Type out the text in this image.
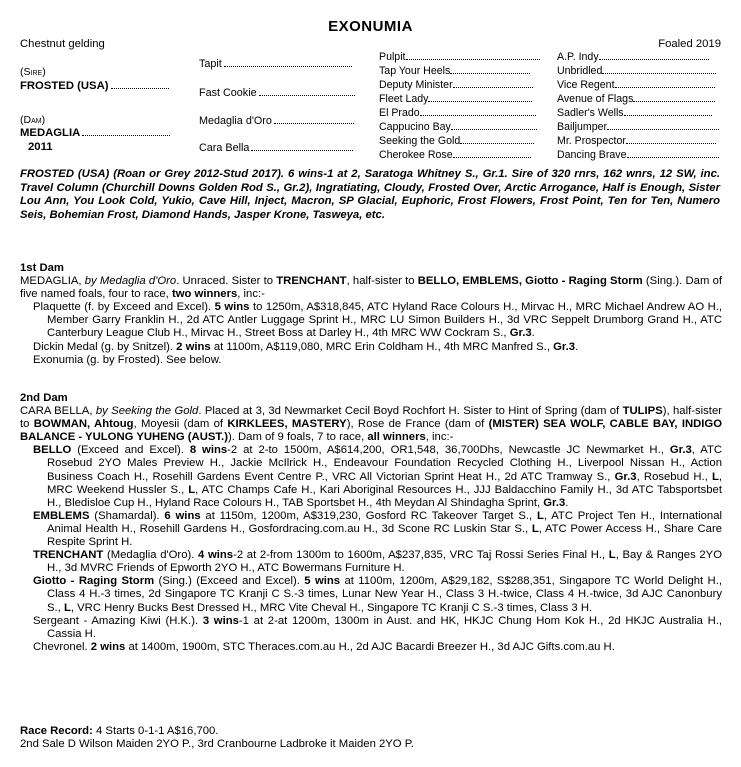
EXONUMIA
Chestnut gelding	Foaled 2019
(Sire)
FROSTED (USA)
(Dam)
MEDAGLIA
2011
Tapit
Fast Cookie
Medaglia d'Oro
Cara Bella
Pulpit
Tap Your Heels
Deputy Minister
Fleet Lady
El Prado
Cappucino Bay
Seeking the Gold
Cherokee Rose
A.P. Indy
Unbridled
Vice Regent
Avenue of Flags
Sadler's Wells
Bailjumper
Mr. Prospector
Dancing Brave
FROSTED (USA) (Roan or Grey 2012-Stud 2017). 6 wins-1 at 2, Saratoga Whitney S., Gr.1. Sire of 320 rnrs, 162 wnrs, 12 SW, inc. Travel Column (Churchill Downs Golden Rod S., Gr.2), Ingratiating, Cloudy, Frosted Over, Arctic Arrogance, Half is Enough, Sister Lou Ann, You Look Cold, Yukio, Cave Hill, Inject, Macron, SP Glacial, Euphoric, Frost Flowers, Frost Point, Ten for Ten, Numero Seis, Bohemian Frost, Diamond Hands, Jasper Krone, Tasweya, etc.

1st Dam

MEDAGLIA, by Medaglia d'Oro. Unraced. Sister to TRENCHANT, half-sister to BELLO, EMBLEMS, Giotto - Raging Storm (Sing.). Dam of five named foals, four to race, two winners, inc:-

Plaquette (f. by Exceed and Excel). 5 wins to 1250m, A$318,845, ATC Hyland Race Colours H., Mirvac H., MRC Michael Andrew AO H., Member Garry Franklin H., 2d ATC Antler Luggage Sprint H., MRC LU Simon Builders H., 3d VRC Seppelt Drumborg Grand H., ATC Canterbury League Club H., Mirvac H., Street Boss at Darley H., 4th MRC WW Cockram S., Gr.3.

Dickin Medal (g. by Snitzel). 2 wins at 1100m, A$119,080, MRC Erin Coldham H., 4th MRC Manfred S., Gr.3.

Exonumia (g. by Frosted). See below.

2nd Dam

CARA BELLA, by Seeking the Gold. Placed at 3, 3d Newmarket Cecil Boyd Rochfort H. Sister to Hint of Spring (dam of TULIPS), half-sister to BOWMAN, Ahtoug, Moyesii (dam of KIRKLEES, MASTERY), Rose de France (dam of (MISTER) SEA WOLF, CABLE BAY, INDIGO BALANCE - YULONG YUHENG (AUST.)). Dam of 9 foals, 7 to race, all winners, inc:-

BELLO (Exceed and Excel). 8 wins-2 at 2-to 1500m, A$614,200, OR1,548, 36,700Dhs, Newcastle JC Newmarket H., Gr.3, ATC Rosebud 2YO Males Preview H., Jackie McIlrick H., Endeavour Foundation Recycled Clothing H., Liverpool Nissan H., Action Business Coach H., Rosehill Gardens Event Centre P., VRC All Victorian Sprint Heat H., 2d ATC Tramway S., Gr.3, Rosebud H., L, MRC Weekend Hussler S., L, ATC Champs Cafe H., Kari Aboriginal Resources H., JJJ Baldacchino Family H., 3d ATC Tabsportsbet H., Bledisloe Cup H., Hyland Race Colours H., TAB Sportsbet H., 4th Meydan Al Shindagha Sprint, Gr.3.

EMBLEMS (Shamardal). 6 wins at 1150m, 1200m, A$319,230, Gosford RC Takeover Target S., L, ATC Project Ten H., International Animal Health H., Rosehill Gardens H., Gosfordracing.com.au H., 3d Scone RC Luskin Star S., L, ATC Power Access H., Share Care Respite Sprint H.

TRENCHANT (Medaglia d'Oro). 4 wins-2 at 2-from 1300m to 1600m, A$237,835, VRC Taj Rossi Series Final H., L, Bay & Ranges 2YO H., 3d MVRC Friends of Epworth 2YO H., ATC Bowermans Furniture H.

Giotto - Raging Storm (Sing.) (Exceed and Excel). 5 wins at 1100m, 1200m, A$29,182, S$288,351, Singapore TC World Delight H., Class 4 H.-3 times, 2d Singapore TC Kranji C S.-3 times, Lunar New Year H., Class 3 H.-twice, Class 4 H.-twice, 3d AJC Canonbury S., L, VRC Henry Bucks Best Dressed H., MRC Vite Cheval H., Singapore TC Kranji C S.-3 times, Class 3 H.

Sergeant - Amazing Kiwi (H.K.). 3 wins-1 at 2-at 1200m, 1300m in Aust. and HK, HKJC Chung Hom Kok H., 2d HKJC Australia H., Cassia H.

Chevronel. 2 wins at 1400m, 1900m, STC Theraces.com.au H., 2d AJC Bacardi Breezer H., 3d AJC Gifts.com.au H.

Race Record: 4 Starts 0-1-1 A$16,700.

2nd Sale D Wilson Maiden 2YO P., 3rd Cranbourne Ladbroke it Maiden 2YO P.
